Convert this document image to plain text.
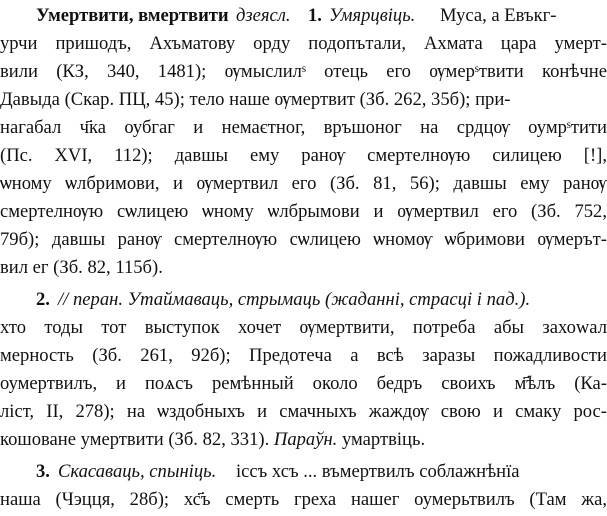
Умертвити, вмертвити дзеясл. 1. Умярцвіць. Муса, а Евъкг-
урчи пришодъ, Ахъматову орду подопътали, Ахмата цара умерт-
вили (КЗ, 340, 1481); ѹмыслилˢ отець его ѹмерˢтвити конѣчне
Давыда (Скар. ПЦ, 45); тело наше ѹмертвит (Зб. 262, 35б); при-
нагабал ч҃ка оубгаг и немаєтног, връшоног на срдцѹ оумрˢтити
(Пс. XVI, 112); давшы ему ранѹ смертелнѹю силицею [!],
ѡному ѡлбримови, и ѹмертвил его (Зб. 81, 56); давшы ему ранѹ
смертелнѹю сѡлицею ѡному ѡлбрымови и ѹмертвил его (Зб. 752,
79б); давшы ранѹ смертелнѹю сѡлицею ѡномѹ ѡбримови ѹмерът-
вил ег (Зб. 82, 115б).
2. // перан. Утаймаваць, стрымаць (жаданні, страсці і пад.).
хто тоды тот выступок хочет ѹмертвити, потреба абы захоwал
мерность (Зб. 261, 92б); Предотеча а всѣ заразы пожадливости
оумертвилъ, и поѧсъ ремѣнный около бедръ своихъ м҃ѣлъ (Ка-
ліст, II, 278); на ѡздобныхъ и смачныхъ жаждѹ свою и смаку рос-
кошоване умертвити (Зб. 82, 331). Параўн. умартвіць.
3. Скасаваць, спыніць. іссъ хсъ ... въмертвилъ соблажнѣнїа
наша (Чэцця, 28б); хс҃ъ смерть греха нашег оумерьтвилъ (Там жа,
